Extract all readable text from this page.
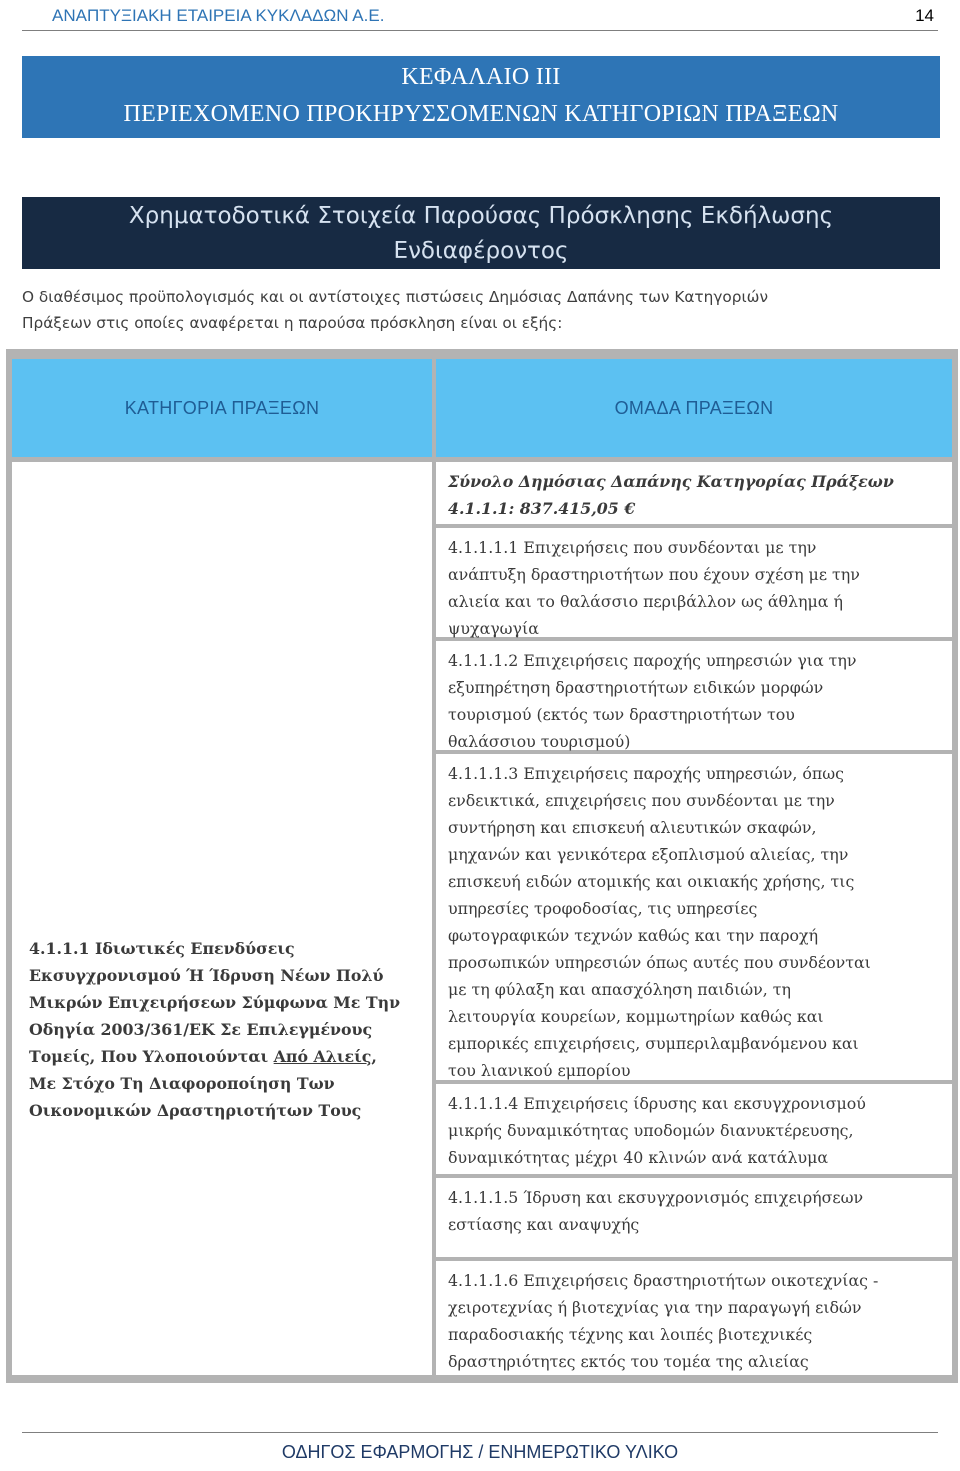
ΑΝΑΠΤΥΞΙΑΚΗ ΕΤΑΙΡΕΙΑ ΚΥΚΛΑΔΩΝ Α.Ε.	14
ΚΕΦΑΛΑΙΟ ΙΙΙ
ΠΕΡΙΕΧΟΜΕΝΟ ΠΡΟΚΗΡΥΣΣΟΜΕΝΩΝ ΚΑΤΗΓΟΡΙΩΝ ΠΡΑΞΕΩΝ
Χρηματοδοτικά Στοιχεία Παρούσας Πρόσκλησης Εκδήλωσης
Ενδιαφέροντος
Ο διαθέσιμος προϋπολογισμός και οι αντίστοιχες πιστώσεις Δημόσιας Δαπάνης των Κατηγοριών
Πράξεων στις οποίες αναφέρεται η παρούσα πρόσκληση είναι οι εξής:
ΚΑΤΗΓΟΡΙΑ ΠΡΑΞΕΩΝ	ΟΜΑΔΑ ΠΡΑΞΕΩΝ
4.1.1.1 Ιδιωτικές Επενδύσεις
Εκσυγχρονισμού Ή Ίδρυση Νέων Πολύ
Μικρών Επιχειρήσεων Σύμφωνα Με Την
Οδηγία 2003/361/ΕΚ Σε Επιλεγμένους
Τομείς, Που Υλοποιούνται Από Αλιείς,
Με Στόχο Τη Διαφοροποίηση Των
Οικονομικών Δραστηριοτήτων Τους
Σύνολο Δημόσιας Δαπάνης Κατηγορίας Πράξεων
4.1.1.1: 837.415,05 €
4.1.1.1.1 Επιχειρήσεις που συνδέονται με την
ανάπτυξη δραστηριοτήτων που έχουν σχέση με την
αλιεία και το θαλάσσιο περιβάλλον ως άθλημα ή
ψυχαγωγία
4.1.1.1.2 Επιχειρήσεις παροχής υπηρεσιών για την
εξυπηρέτηση δραστηριοτήτων ειδικών μορφών
τουρισμού (εκτός των δραστηριοτήτων του
θαλάσσιου τουρισμού)
4.1.1.1.3 Επιχειρήσεις παροχής υπηρεσιών, όπως
ενδεικτικά, επιχειρήσεις που συνδέονται με την
συντήρηση και επισκευή αλιευτικών σκαφών,
μηχανών και γενικότερα εξοπλισμού αλιείας, την
επισκευή ειδών ατομικής και οικιακής χρήσης, τις
υπηρεσίες τροφοδοσίας, τις υπηρεσίες
φωτογραφικών τεχνών καθώς και την παροχή
προσωπικών υπηρεσιών όπως αυτές που συνδέονται
με τη φύλαξη και απασχόληση παιδιών, τη
λειτουργία κουρείων, κομμωτηρίων καθώς και
εμπορικές επιχειρήσεις, συμπεριλαμβανόμενου και
του λιανικού εμπορίου
4.1.1.1.4 Επιχειρήσεις ίδρυσης και εκσυγχρονισμού
μικρής δυναμικότητας υποδομών διανυκτέρευσης,
δυναμικότητας μέχρι 40 κλινών ανά κατάλυμα
4.1.1.1.5 Ίδρυση και εκσυγχρονισμός επιχειρήσεων
εστίασης και αναψυχής
4.1.1.1.6 Επιχειρήσεις δραστηριοτήτων οικοτεχνίας -
χειροτεχνίας ή βιοτεχνίας για την παραγωγή ειδών
παραδοσιακής τέχνης και λοιπές βιοτεχνικές
δραστηριότητες εκτός του τομέα της αλιείας
ΟΔΗΓΟΣ ΕΦΑΡΜΟΓΗΣ / ΕΝΗΜΕΡΩΤΙΚΟ ΥΛΙΚΟ
